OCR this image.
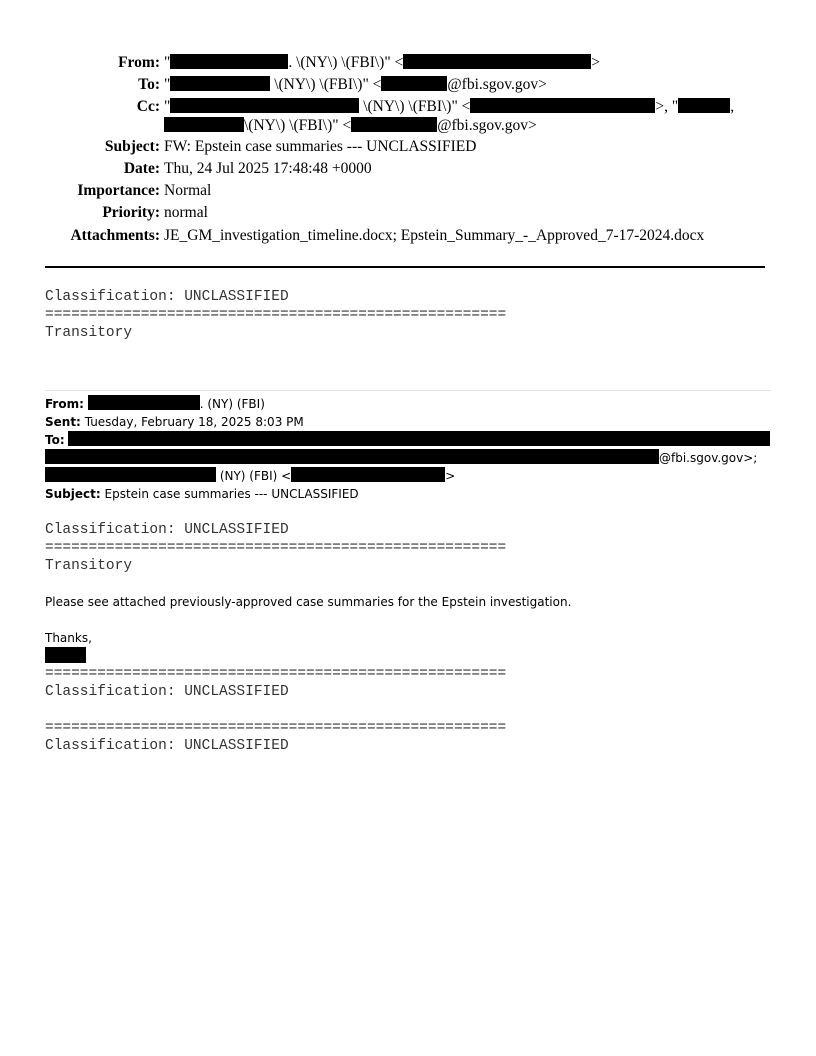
From: "	. \(NY\) \(FBI\)" <	>
To: "	\(NY\) \(FBI\)" <	@fbi.sgov.gov>
Cc: "	\(NY\) \(FBI\)" <	>, "	,
\(NY\) \(FBI\)" <	@fbi.sgov.gov>
Subject: FW: Epstein case summaries --- UNCLASSIFIED
Date: Thu, 24 Jul 2025 17:48:48 +0000
Importance: Normal
Priority: normal
Attachments: JE_GM_investigation_timeline.docx; Epstein_Summary_-_Approved_7-17-2024.docx
Classification: UNCLASSIFIED
=====================================================
Transitory
From:	. (NY) (FBI)
Sent: Tuesday, February 18, 2025 8:03 PM
To:
@fbi.sgov.gov>;
(NY) (FBI) <	>
Subject: Epstein case summaries --- UNCLASSIFIED
Classification: UNCLASSIFIED
=====================================================
Transitory
Please see attached previously-approved case summaries for the Epstein investigation.
Thanks,
=====================================================
Classification: UNCLASSIFIED
=====================================================
Classification: UNCLASSIFIED
